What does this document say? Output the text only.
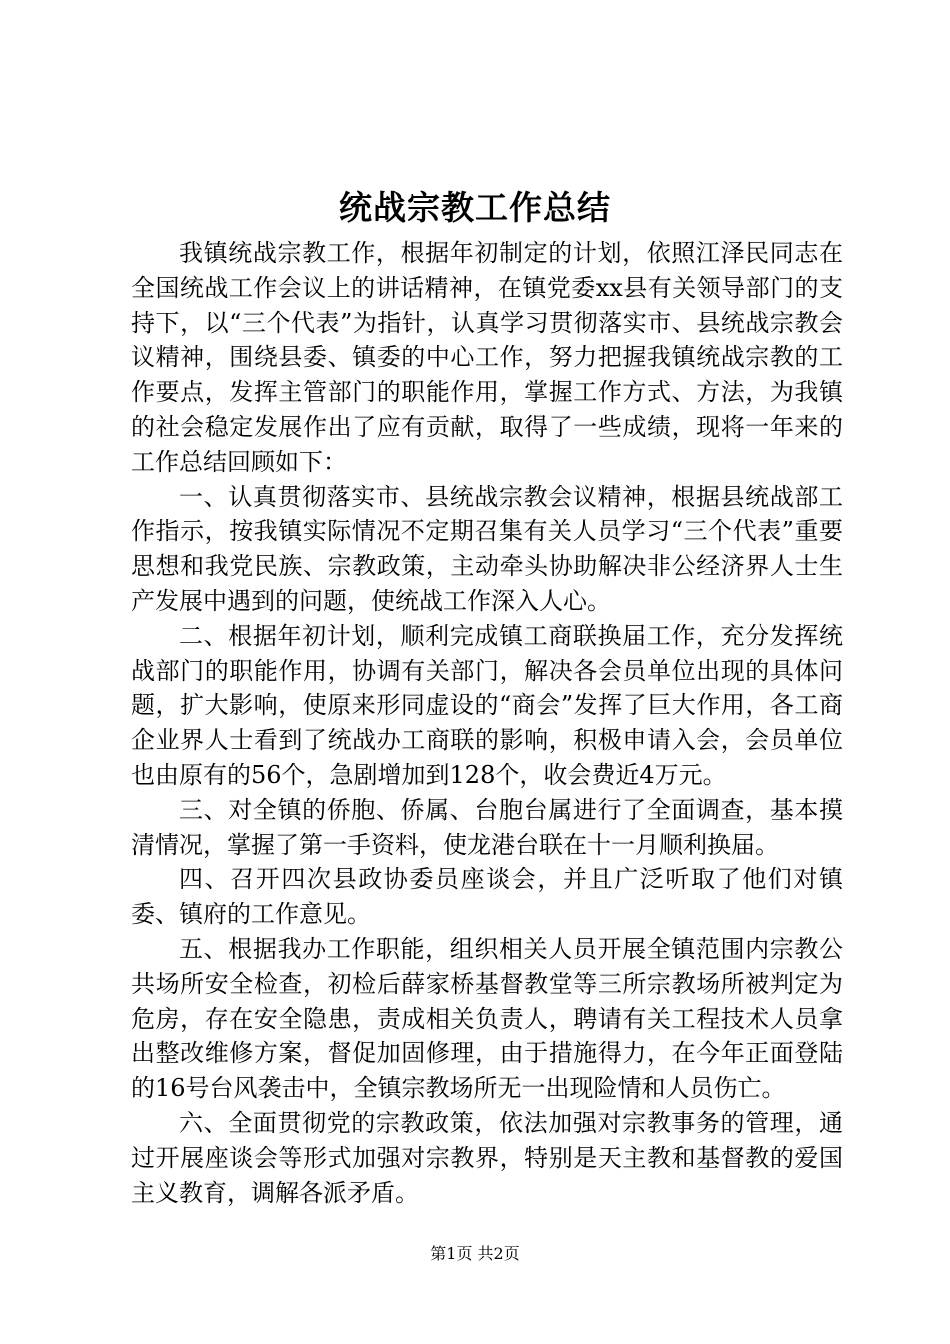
统战宗教工作总结

我镇统战宗教工作，根据年初制定的计划，依照江泽民同志在全国统战工作会议上的讲话精神，在镇党委xx县有关领导部门的支持下，以“三个代表”为指针，认真学习贯彻落实市、县统战宗教会议精神，围绕县委、镇委的中心工作，努力把握我镇统战宗教的工作要点，发挥主管部门的职能作用，掌握工作方式、方法，为我镇的社会稳定发展作出了应有贡献，取得了一些成绩，现将一年来的工作总结回顾如下：

一、认真贯彻落实市、县统战宗教会议精神，根据县统战部工作指示，按我镇实际情况不定期召集有关人员学习“三个代表”重要思想和我党民族、宗教政策，主动牵头协助解决非公经济界人士生产发展中遇到的问题，使统战工作深入人心。

二、根据年初计划，顺利完成镇工商联换届工作，充分发挥统战部门的职能作用，协调有关部门，解决各会员单位出现的具体问题，扩大影响，使原来形同虚设的“商会”发挥了巨大作用，各工商企业界人士看到了统战办工商联的影响，积极申请入会，会员单位也由原有的56个，急剧增加到128个，收会费近4万元。

三、对全镇的侨胞、侨属、台胞台属进行了全面调查，基本摸清情况，掌握了第一手资料，使龙港台联在十一月顺利换届。

四、召开四次县政协委员座谈会，并且广泛听取了他们对镇委、镇府的工作意见。

五、根据我办工作职能，组织相关人员开展全镇范围内宗教公共场所安全检查，初检后薛家桥基督教堂等三所宗教场所被判定为危房，存在安全隐患，责成相关负责人，聘请有关工程技术人员拿出整改维修方案，督促加固修理，由于措施得力，在今年正面登陆的16号台风袭击中，全镇宗教场所无一出现险情和人员伤亡。

六、全面贯彻党的宗教政策，依法加强对宗教事务的管理，通过开展座谈会等形式加强对宗教界，特别是天主教和基督教的爱国主义教育，调解各派矛盾。

第1页 共2页
